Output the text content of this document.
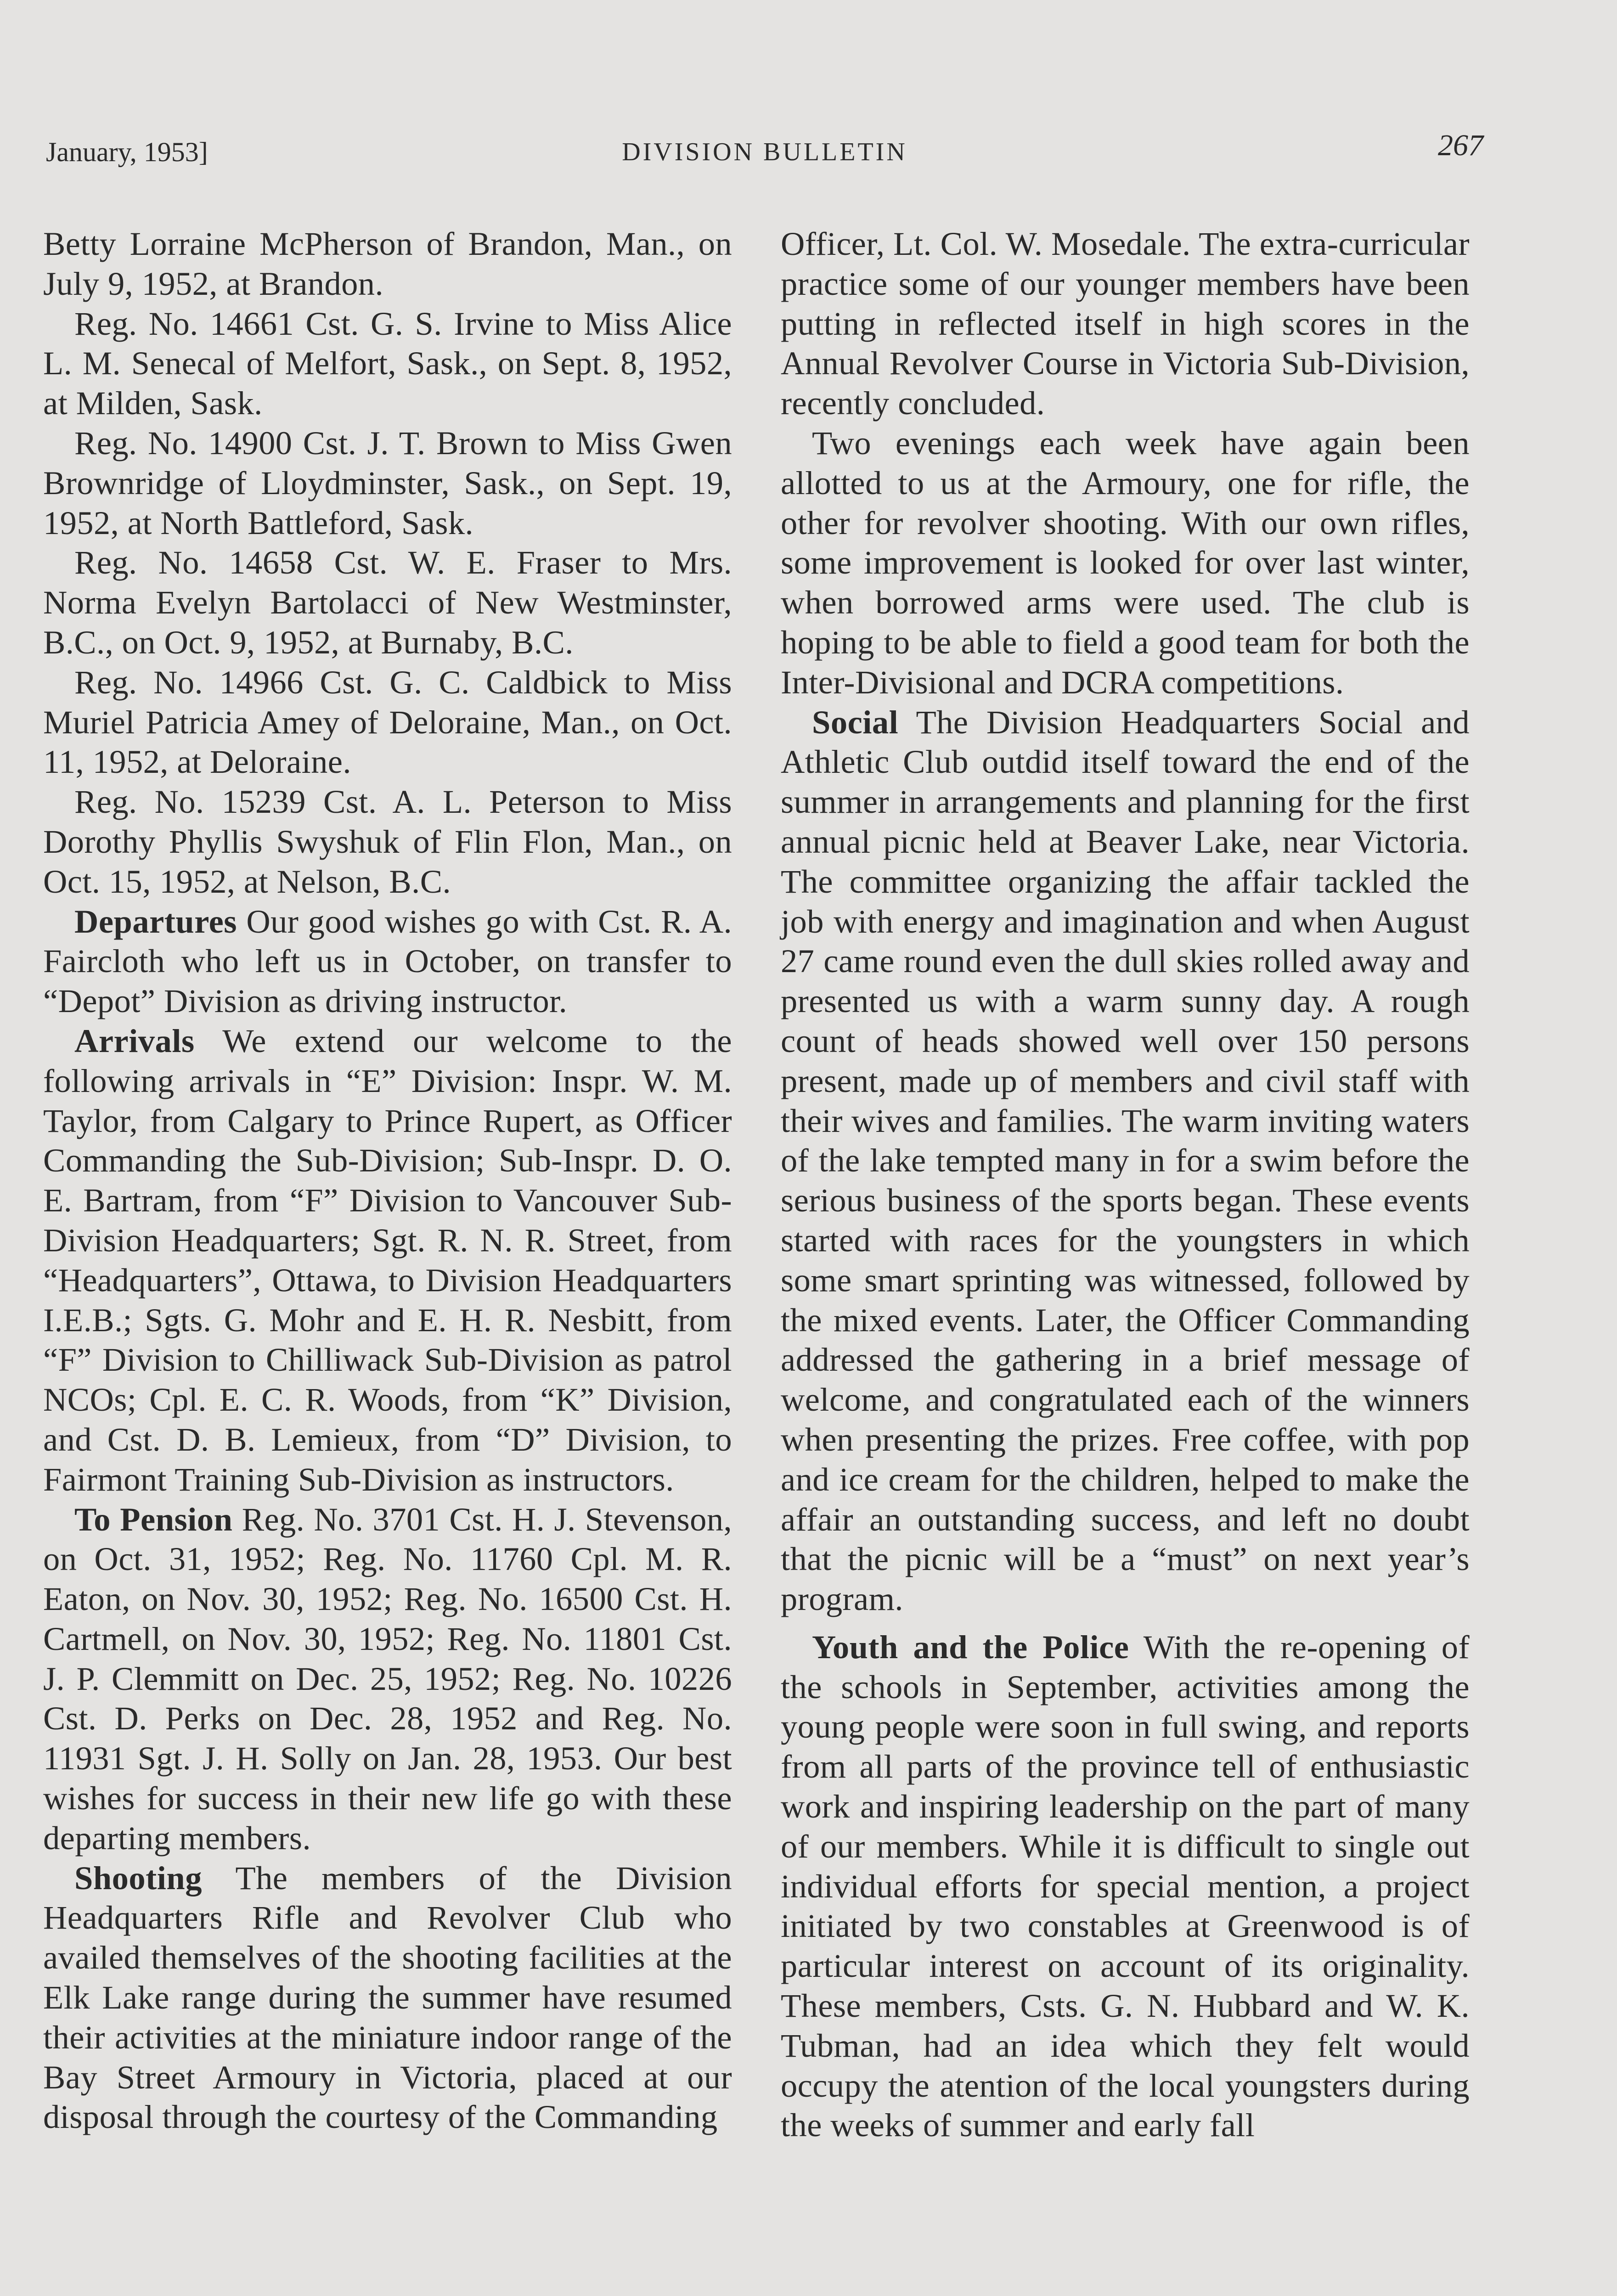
January, 1953]	DIVISION BULLETIN	267

Betty Lorraine McPherson of Brandon, Man., on July 9, 1952, at Brandon.

Reg. No. 14661 Cst. G. S. Irvine to Miss Alice L. M. Senecal of Melfort, Sask., on Sept. 8, 1952, at Milden, Sask.

Reg. No. 14900 Cst. J. T. Brown to Miss Gwen Brownridge of Lloydminster, Sask., on Sept. 19, 1952, at North Battleford, Sask.

Reg. No. 14658 Cst. W. E. Fraser to Mrs. Norma Evelyn Bartolacci of New Westminster, B.C., on Oct. 9, 1952, at Burnaby, B.C.

Reg. No. 14966 Cst. G. C. Caldbick to Miss Muriel Patricia Amey of Deloraine, Man., on Oct. 11, 1952, at Deloraine.

Reg. No. 15239 Cst. A. L. Peterson to Miss Dorothy Phyllis Swyshuk of Flin Flon, Man., on Oct. 15, 1952, at Nelson, B.C.

Departures Our good wishes go with Cst. R. A. Faircloth who left us in October, on transfer to “Depot” Division as driving instructor.

Arrivals We extend our welcome to the following arrivals in “E” Division: Inspr. W. M. Taylor, from Calgary to Prince Rupert, as Officer Commanding the Sub-Division; Sub-Inspr. D. O. E. Bartram, from “F” Division to Vancouver Sub-Division Headquarters; Sgt. R. N. R. Street, from “Headquarters”, Ottawa, to Division Headquarters I.E.B.; Sgts. G. Mohr and E. H. R. Nesbitt, from “F” Division to Chilliwack Sub-Division as patrol NCOs; Cpl. E. C. R. Woods, from “K” Division, and Cst. D. B. Lemieux, from “D” Division, to Fairmont Training Sub-Division as instructors.

To Pension Reg. No. 3701 Cst. H. J. Stevenson, on Oct. 31, 1952; Reg. No. 11760 Cpl. M. R. Eaton, on Nov. 30, 1952; Reg. No. 16500 Cst. H. Cartmell, on Nov. 30, 1952; Reg. No. 11801 Cst. J. P. Clemmitt on Dec. 25, 1952; Reg. No. 10226 Cst. D. Perks on Dec. 28, 1952 and Reg. No. 11931 Sgt. J. H. Solly on Jan. 28, 1953. Our best wishes for success in their new life go with these departing members.

Shooting The members of the Division Headquarters Rifle and Revolver Club who availed themselves of the shooting facilities at the Elk Lake range during the summer have resumed their activities at the miniature indoor range of the Bay Street Armoury in Victoria, placed at our disposal through the courtesy of the Commanding

Officer, Lt. Col. W. Mosedale. The extra-curricular practice some of our younger members have been putting in reflected itself in high scores in the Annual Revolver Course in Victoria Sub-Division, recently concluded.

Two evenings each week have again been allotted to us at the Armoury, one for rifle, the other for revolver shooting. With our own rifles, some improvement is looked for over last winter, when borrowed arms were used. The club is hoping to be able to field a good team for both the Inter-Divisional and DCRA competitions.

Social The Division Headquarters Social and Athletic Club outdid itself toward the end of the summer in arrangements and planning for the first annual picnic held at Beaver Lake, near Victoria. The committee organizing the affair tackled the job with energy and imagination and when August 27 came round even the dull skies rolled away and presented us with a warm sunny day. A rough count of heads showed well over 150 persons present, made up of members and civil staff with their wives and families. The warm inviting waters of the lake tempted many in for a swim before the serious business of the sports began. These events started with races for the youngsters in which some smart sprinting was witnessed, followed by the mixed events. Later, the Officer Commanding addressed the gathering in a brief message of welcome, and congratulated each of the winners when presenting the prizes. Free coffee, with pop and ice cream for the children, helped to make the affair an outstanding success, and left no doubt that the picnic will be a “must” on next year’s program.

Youth and the Police With the re-opening of the schools in September, activities among the young people were soon in full swing, and reports from all parts of the province tell of enthusiastic work and inspiring leadership on the part of many of our members. While it is difficult to single out individual efforts for special mention, a project initiated by two constables at Greenwood is of particular interest on account of its originality. These members, Csts. G. N. Hubbard and W. K. Tubman, had an idea which they felt would occupy the atention of the local youngsters during the weeks of summer and early fall
